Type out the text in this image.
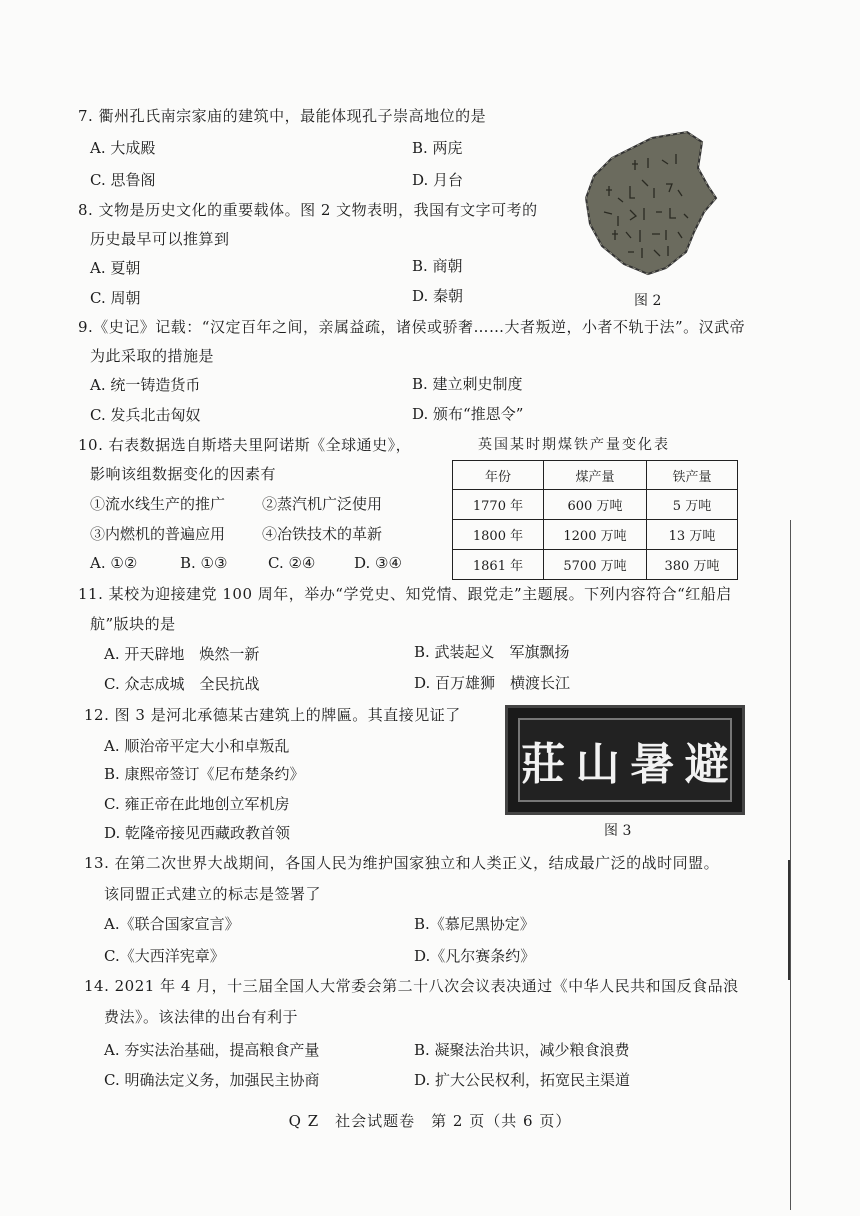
7. 衢州孔氏南宗家庙的建筑中，最能体现孔子崇高地位的是
A. 大成殿	B. 两庑
C. 思鲁阁	D. 月台
图 2
8. 文物是历史文化的重要载体。图 2 文物表明，我国有文字可考的
历史最早可以推算到
A. 夏朝	B. 商朝
C. 周朝	D. 秦朝
9.《史记》记载：“汉定百年之间，亲属益疏，诸侯或骄奢……大者叛逆，小者不轨于法”。汉武帝
为此采取的措施是
A. 统一铸造货币	B. 建立刺史制度
C. 发兵北击匈奴	D. 颁布“推恩令”
10. 右表数据选自斯塔夫里阿诺斯《全球通史》，
影响该组数据变化的因素有
①流水线生产的推广 ②蒸汽机广泛使用
③内燃机的普遍应用 ④冶铁技术的革新
A. ①②	B. ①③	C. ②④	D. ③④
英国某时期煤铁产量变化表
年份	煤产量	铁产量
1770 年	600 万吨	5 万吨
1800 年	1200 万吨	13 万吨
1861 年	5700 万吨	380 万吨
11. 某校为迎接建党 100 周年，举办“学党史、知党情、跟党走”主题展。下列内容符合“红船启
航”版块的是
A. 开天辟地　焕然一新	B. 武装起义　军旗飘扬
C. 众志成城　全民抗战	D. 百万雄狮　横渡长江
12. 图 3 是河北承德某古建筑上的牌匾。其直接见证了
A. 顺治帝平定大小和卓叛乱
B. 康熙帝签订《尼布楚条约》
C. 雍正帝在此地创立军机房
D. 乾隆帝接见西藏政教首领
莊 山 暑 避
图 3
13. 在第二次世界大战期间，各国人民为维护国家独立和人类正义，结成最广泛的战时同盟。
该同盟正式建立的标志是签署了
A.《联合国家宣言》	B.《慕尼黑协定》
C.《大西洋宪章》	D.《凡尔赛条约》
14. 2021 年 4 月，十三届全国人大常委会第二十八次会议表决通过《中华人民共和国反食品浪
费法》。该法律的出台有利于
A. 夯实法治基础，提高粮食产量	B. 凝聚法治共识，减少粮食浪费
C. 明确法定义务，加强民主协商	D. 扩大公民权利，拓宽民主渠道
Q Z　社会试题卷　第 2 页（共 6 页）
